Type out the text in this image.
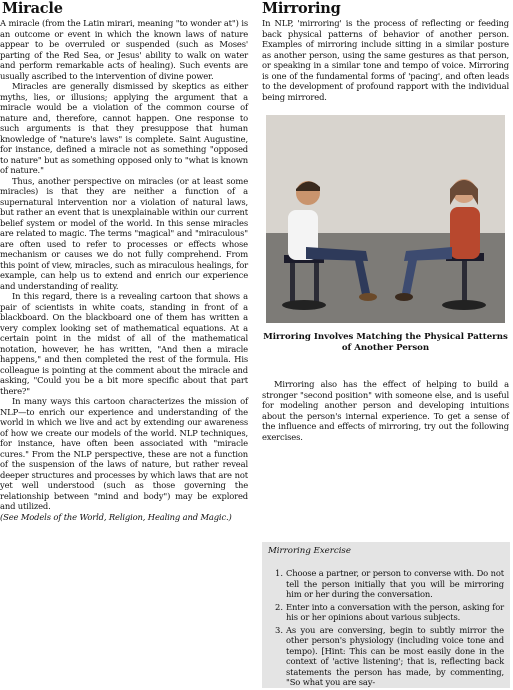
Miracle

A miracle (from the Latin mirari, meaning "to wonder at") is an outcome or event in which the known laws of nature appear to be overruled or suspended (such as Moses' parting of the Red Sea, or Jesus' ability to walk on water and perform remarkable acts of healing). Such events are usually ascribed to the intervention of divine power.

Miracles are generally dismissed by skeptics as either myths, lies, or illusions; applying the argument that a miracle would be a violation of the common course of nature and, therefore, cannot happen. One response to such arguments is that they presuppose that human knowledge of "nature's laws" is complete. Saint Augustine, for instance, defined a miracle not as something "opposed to nature" but as something opposed only to "what is known of nature."

Thus, another perspective on miracles (or at least some miracles) is that they are neither a function of a supernatural intervention nor a violation of natural laws, but rather an event that is unexplainable within our current belief system or model of the world. In this sense miracles are related to magic. The terms "magical" and "miraculous" are often used to refer to processes or effects whose mechanism or causes we do not fully comprehend. From this point of view, miracles, such as miraculous healings, for example, can help us to extend and enrich our experience and understanding of reality.

In this regard, there is a revealing cartoon that shows a pair of scientists in white coats, standing in front of a blackboard. On the blackboard one of them has written a very complex looking set of mathematical equations. At a certain point in the midst of all of the mathematical notation, however, he has written, "And then a miracle happens," and then completed the rest of the formula. His colleague is pointing at the comment about the miracle and asking, "Could you be a bit more specific about that part there?"

In many ways this cartoon characterizes the mission of NLP—to enrich our experience and understanding of the world in which we live and act by extending our awareness of how we create our models of the world. NLP techniques, for instance, have often been associated with "miracle cures." From the NLP perspective, these are not a function of the suspension of the laws of nature, but rather reveal deeper structures and processes by which laws that are not yet well understood (such as those governing the relationship between "mind and body") may be explored and utilized.

(See Models of the World, Religion, Healing and Magic.)

Mirroring

In NLP, 'mirroring' is the process of reflecting or feeding back physical patterns of behavior of another person. Examples of mirroring include sitting in a similar posture as another person, using the same gestures as that person, or speaking in a similar tone and tempo of voice. Mirroring is one of the fundamental forms of 'pacing', and often leads to the development of profound rapport with the individual being mirrored.

Mirroring Involves Matching the Physical Patterns of Another Person

Mirroring also has the effect of helping to build a stronger "second position" with someone else, and is useful for modeling another person and developing intuitions about the person's internal experience. To get a sense of the influence and effects of mirroring, try out the following exercises.

Mirroring Exercise
1. Choose a partner, or person to converse with. Do not tell the person initially that you will be mirroring him or her during the conversation.

2. Enter into a conversation with the person, asking for his or her opinions about various subjects.

3. As you are conversing, begin to subtly mirror the other person's physiology (including voice tone and tempo). [Hint: This can be most easily done in the context of 'active listening'; that is, reflecting back statements the person has made, by commenting, "So what you are say-
